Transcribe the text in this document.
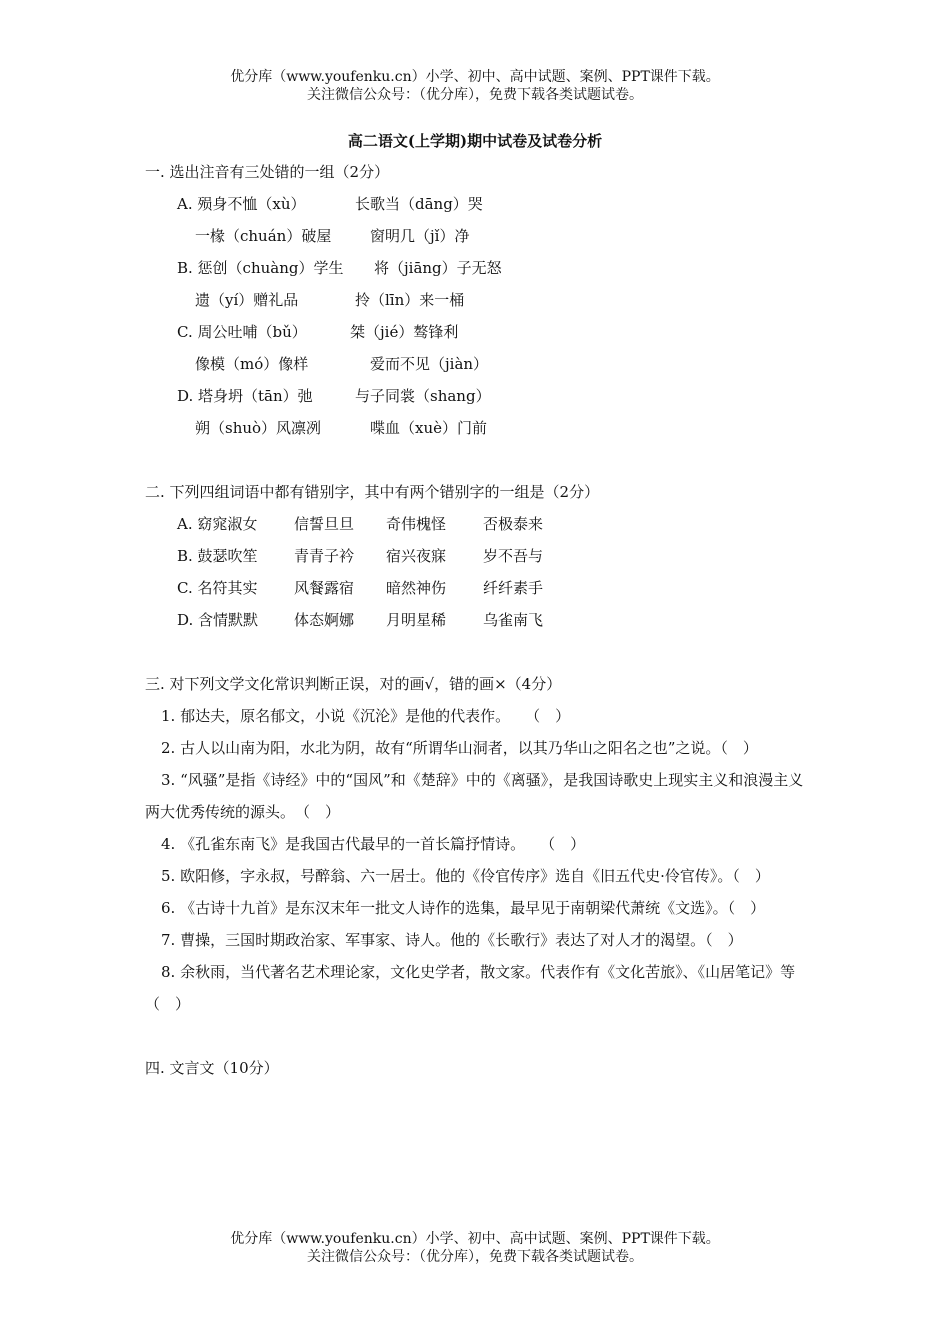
优分库（www.youfenku.cn）小学、初中、高中试题、案例、PPT课件下载。
关注微信公众号：（优分库），免费下载各类试题试卷。
高二语文(上学期)期中试卷及试卷分析
一. 选出注音有三处错的一组（2分）
A. 殒身不恤（xù）	长歌当（dāng）哭
一椽（chuán）破屋	窗明几（jǐ）净
B. 惩创（chuàng）学生 将（jiāng）子无怒
遗（yí）赠礼品	拎（līn）来一桶
C. 周公吐哺（bǔ）	桀（jié）骜锋利
像模（mó）像样	爱而不见（jiàn）
D. 塔身坍（tān）弛	与子同裳（shang）
朔（shuò）风凛冽	喋血（xuè）门前
二. 下列四组词语中都有错别字，其中有两个错别字的一组是（2分）
A. 窈窕淑女 信誓旦旦 奇伟槐怪 否极泰来
B. 鼓瑟吹笙 青青子衿 宿兴夜寐 岁不吾与
C. 名符其实 风餐露宿 暗然神伤 纤纤素手
D. 含情默默 体态婀娜 月明星稀 乌雀南飞
三. 对下列文学文化常识判断正误，对的画√，错的画×（4分）
1. 郁达夫，原名郁文，小说《沉沦》是他的代表作。　　（　）
2. 古人以山南为阳，水北为阴，故有“所谓华山洞者，以其乃华山之阳名之也”之说。（　）
3. “风骚”是指《诗经》中的“国风”和《楚辞》中的《离骚》，是我国诗歌史上现实主义和浪漫主义两大优秀传统的源头。　（　）
4. 《孔雀东南飞》是我国古代最早的一首长篇抒情诗。　　（　）
5. 欧阳修，字永叔，号醉翁、六一居士。他的《伶官传序》选自《旧五代史·伶官传》。（　）
6. 《古诗十九首》是东汉末年一批文人诗作的选集，最早见于南朝梁代萧统《文选》。（　）
7. 曹操，三国时期政治家、军事家、诗人。他的《长歌行》表达了对人才的渴望。（　）
8. 余秋雨，当代著名艺术理论家，文化史学者，散文家。代表作有《文化苦旅》、《山居笔记》等（　）
四. 文言文（10分）
优分库（www.youfenku.cn）小学、初中、高中试题、案例、PPT课件下载。
关注微信公众号：（优分库），免费下载各类试题试卷。
